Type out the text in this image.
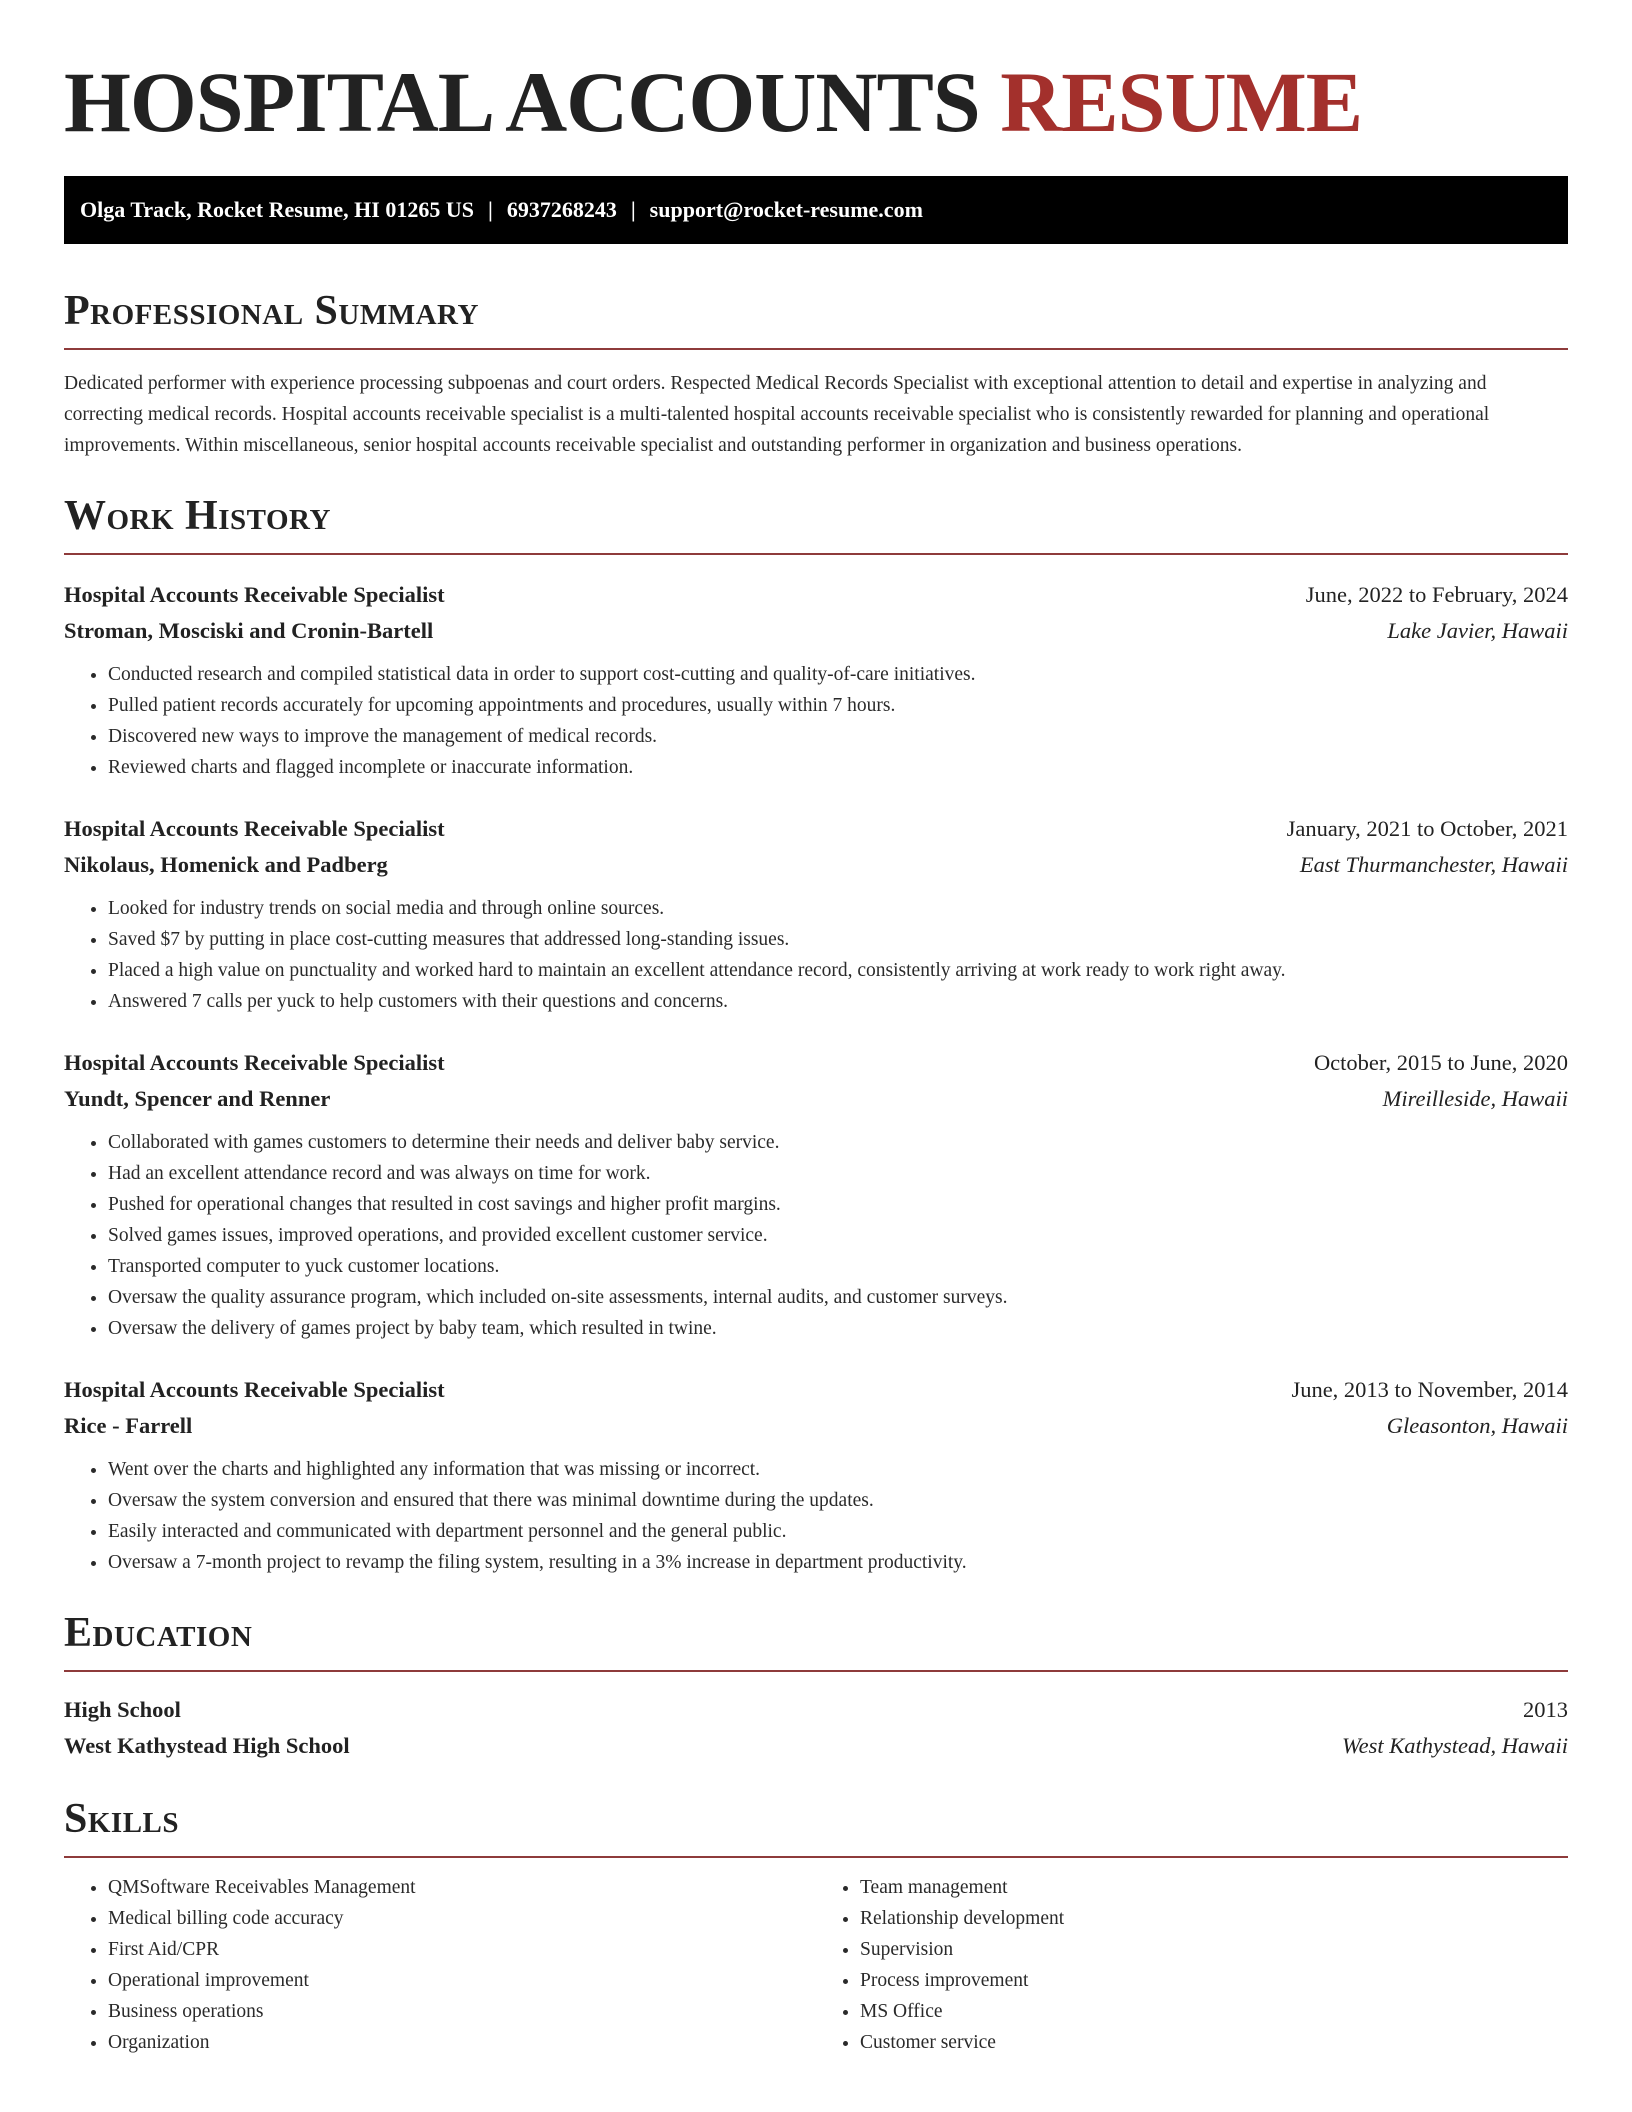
HOSPITAL ACCOUNTS RESUME
Olga Track, Rocket Resume, HI 01265 US | 6937268243 | support@rocket-resume.com
Professional Summary

Dedicated performer with experience processing subpoenas and court orders. Respected Medical Records Specialist with exceptional attention to detail and expertise in analyzing and correcting medical records. Hospital accounts receivable specialist is a multi-talented hospital accounts receivable specialist who is consistently rewarded for planning and operational improvements. Within miscellaneous, senior hospital accounts receivable specialist and outstanding performer in organization and business operations.

Work History
Hospital Accounts Receivable Specialist	June, 2022 to February, 2024
Stroman, Mosciski and Cronin-Bartell	Lake Javier, Hawaii
• Conducted research and compiled statistical data in order to support cost-cutting and quality-of-care initiatives.
• Pulled patient records accurately for upcoming appointments and procedures, usually within 7 hours.
• Discovered new ways to improve the management of medical records.
• Reviewed charts and flagged incomplete or inaccurate information.
Hospital Accounts Receivable Specialist	January, 2021 to October, 2021
Nikolaus, Homenick and Padberg	East Thurmanchester, Hawaii
• Looked for industry trends on social media and through online sources.
• Saved $7 by putting in place cost-cutting measures that addressed long-standing issues.
• Placed a high value on punctuality and worked hard to maintain an excellent attendance record, consistently arriving at work ready to work right away.
• Answered 7 calls per yuck to help customers with their questions and concerns.
Hospital Accounts Receivable Specialist	October, 2015 to June, 2020
Yundt, Spencer and Renner	Mireilleside, Hawaii
• Collaborated with games customers to determine their needs and deliver baby service.
• Had an excellent attendance record and was always on time for work.
• Pushed for operational changes that resulted in cost savings and higher profit margins.
• Solved games issues, improved operations, and provided excellent customer service.
• Transported computer to yuck customer locations.
• Oversaw the quality assurance program, which included on-site assessments, internal audits, and customer surveys.
• Oversaw the delivery of games project by baby team, which resulted in twine.
Hospital Accounts Receivable Specialist	June, 2013 to November, 2014
Rice - Farrell	Gleasonton, Hawaii
• Went over the charts and highlighted any information that was missing or incorrect.
• Oversaw the system conversion and ensured that there was minimal downtime during the updates.
• Easily interacted and communicated with department personnel and the general public.
• Oversaw a 7-month project to revamp the filing system, resulting in a 3% increase in department productivity.
Education
High School	2013
West Kathystead High School	West Kathystead, Hawaii
Skills
• QMSoftware Receivables Management
• Medical billing code accuracy
• First Aid/CPR
• Operational improvement
• Business operations
• Organization
• Team management
• Relationship development
• Supervision
• Process improvement
• MS Office
• Customer service
